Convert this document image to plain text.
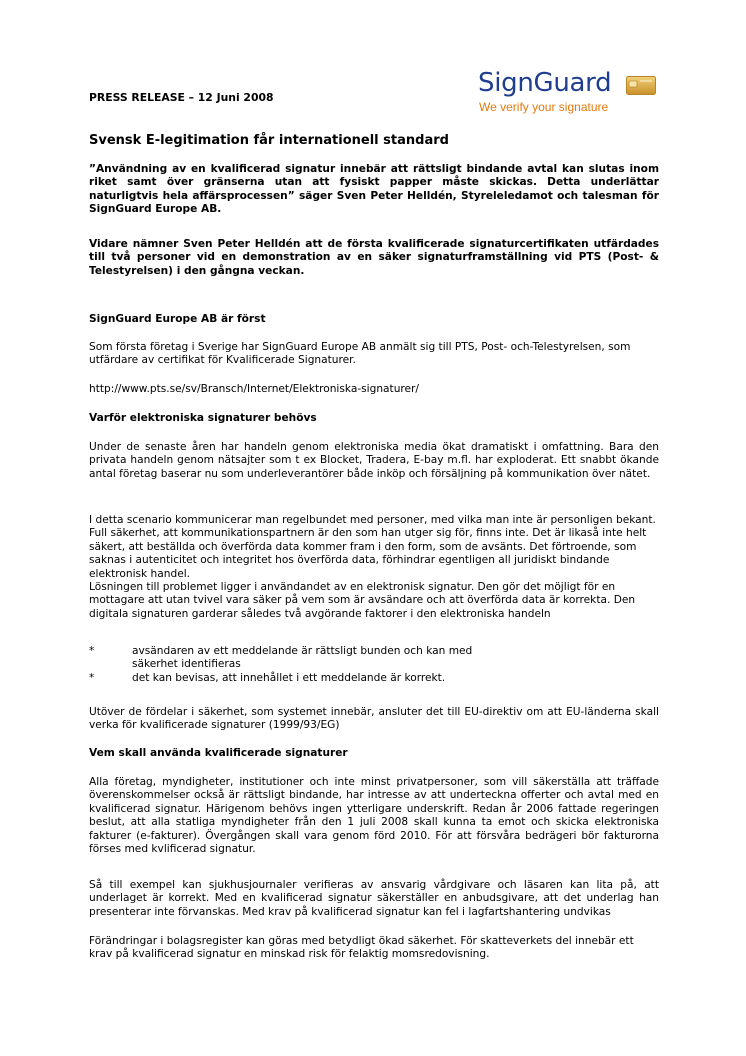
PRESS RELEASE – 12 Juni 2008	SignGuard
We verify your signature

Svensk E-legitimation får internationell standard

”Användning av en kvalificerad signatur innebär att rättsligt bindande avtal kan slutas inom riket samt över gränserna utan att fysiskt papper måste skickas. Detta underlättar naturligtvis hela affärsprocessen” säger Sven Peter Helldén, Styreleledamot och talesman för SignGuard Europe AB.

Vidare nämner Sven Peter Helldén att de första kvalificerade signaturcertifikaten utfärdades till två personer vid en demonstration av en säker signaturframställning vid PTS (Post- & Telestyrelsen) i den gångna veckan.

SignGuard Europe AB är först

Som första företag i Sverige har SignGuard Europe AB anmält sig till PTS, Post- och-Telestyrelsen, som utfärdare av certifikat för Kvalificerade Signaturer.

http://www.pts.se/sv/Bransch/Internet/Elektroniska-signaturer/

Varför elektroniska signaturer behövs

Under de senaste åren har handeln genom elektroniska media ökat dramatiskt i omfattning. Bara den privata handeln genom nätsajter som t ex Blocket, Tradera, E-bay m.fl. har exploderat. Ett snabbt ökande antal företag baserar nu som underleverantörer både inköp och försäljning på kommunikation över nätet.

I detta scenario kommunicerar man regelbundet med personer, med vilka man inte är personligen bekant. Full säkerhet, att kommunikationspartnern är den som han utger sig för, finns inte. Det är likaså inte helt säkert, att beställda och överförda data kommer fram i den form, som de avsänts. Det förtroende, som saknas i autenticitet och integritet hos överförda data, förhindrar egentligen all juridiskt bindande elektronisk handel.

Lösningen till problemet ligger i användandet av en elektronisk signatur. Den gör det möjligt för en mottagare att utan tvivel vara säker på vem som är avsändare och att överförda data är korrekta. Den digitala signaturen garderar således två avgörande faktorer i den elektroniska handeln

*	avsändaren av ett meddelande är rättsligt bunden och kan med säkerhet identifieras
*	det kan bevisas, att innehållet i ett meddelande är korrekt.

Utöver de fördelar i säkerhet, som systemet innebär, ansluter det till EU-direktiv om att EU-länderna skall verka för kvalificerade signaturer (1999/93/EG)

Vem skall använda kvalificerade signaturer

Alla företag, myndigheter, institutioner och inte minst privatpersoner, som vill säkerställa att träffade överenskommelser också är rättsligt bindande, har intresse av att underteckna offerter och avtal med en kvalificerad signatur. Härigenom behövs ingen ytterligare underskrift. Redan år 2006 fattade regeringen beslut, att alla statliga myndigheter från den 1 juli 2008 skall kunna ta emot och skicka elektroniska fakturer (e-fakturer). Övergången skall vara genom förd 2010. För att försvåra bedrägeri bör fakturorna förses med kvlificerad signatur.

Så till exempel kan sjukhusjournaler verifieras av ansvarig vårdgivare och läsaren kan lita på, att underlaget är korrekt. Med en kvalificerad signatur säkerställer en anbudsgivare, att det underlag han presenterar inte förvanskas. Med krav på kvalificerad signatur kan fel i lagfartshantering undvikas

Förändringar i bolagsregister kan göras med betydligt ökad säkerhet. För skatteverkets del innebär ett krav på kvalificerad signatur en minskad risk för felaktig momsredovisning.
